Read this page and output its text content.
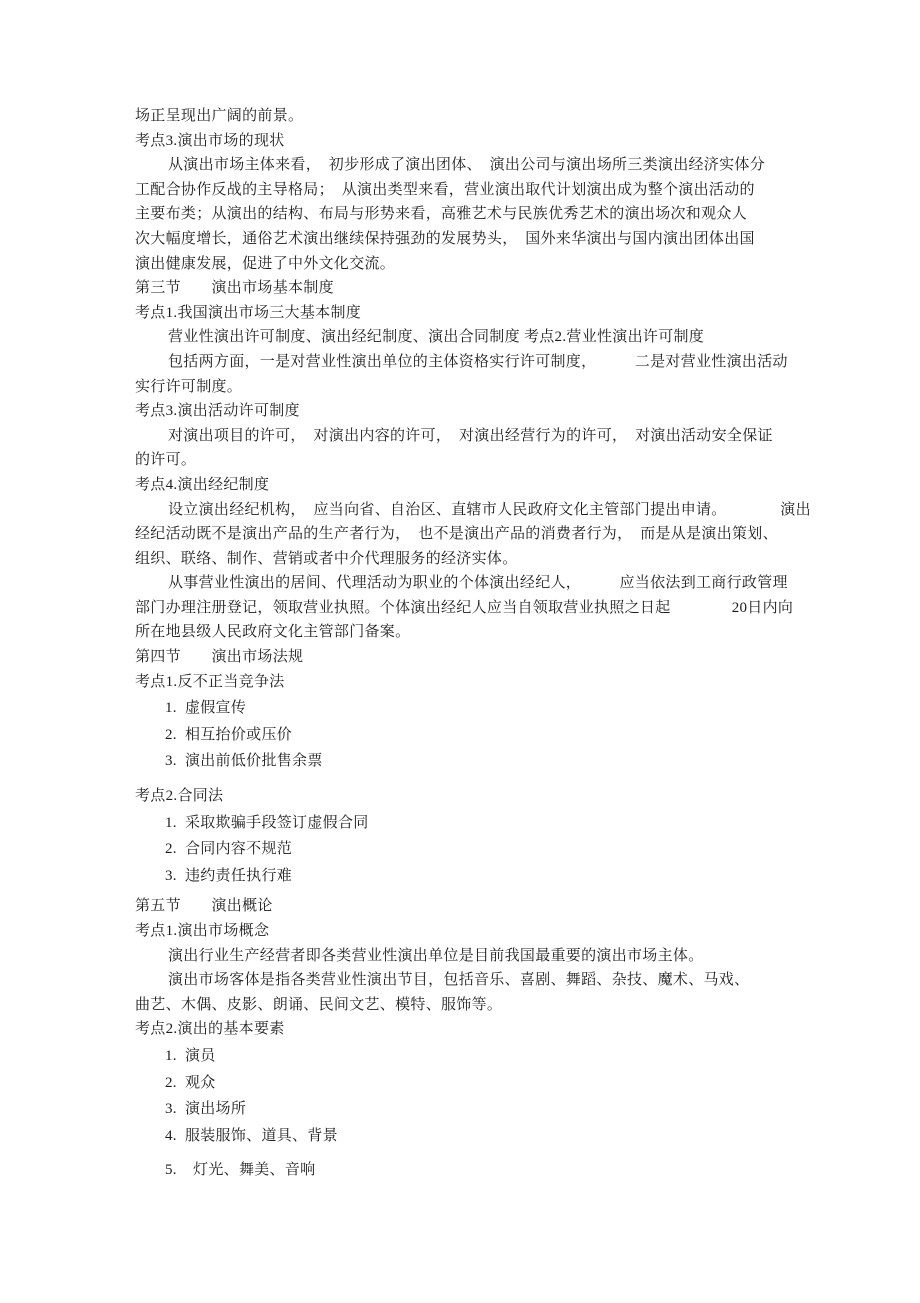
场正呈现出广阔的前景。
考点3.演出市场的现状
从演出市场主体来看，　初步形成了演出团体、　演出公司与演出场所三类演出经济实体分
工配合协作反战的主导格局；　从演出类型来看，营业演出取代计划演出成为整个演出活动的
主要布类；从演出的结构、布局与形势来看，高雅艺术与民族优秀艺术的演出场次和观众人
次大幅度增长，通俗艺术演出继续保持强劲的发展势头，　国外来华演出与国内演出团体出国
演出健康发展，促进了中外文化交流。
第三节　　演出市场基本制度
考点1.我国演出市场三大基本制度
营业性演出许可制度、演出经纪制度、演出合同制度 考点2.营业性演出许可制度
包括两方面，一是对营业性演出单位的主体资格实行许可制度，　　　二是对营业性演出活动
实行许可制度。
考点3.演出活动许可制度
对演出项目的许可，　对演出内容的许可，　对演出经营行为的许可，　对演出活动安全保证
的许可。
考点4.演出经纪制度
设立演出经纪机构，　应当向省、自治区、直辖市人民政府文化主管部门提出申请。　　　　演出
经纪活动既不是演出产品的生产者行为，　也不是演出产品的消费者行为，　而是从是演出策划、
组织、联络、制作、营销或者中介代理服务的经济实体。
从事营业性演出的居间、代理活动为职业的个体演出经纪人，　　　应当依法到工商行政管理
部门办理注册登记，领取营业执照。个体演出经纪人应当自领取营业执照之日起　　　　20日内向
所在地县级人民政府文化主管部门备案。
第四节　　演出市场法规
考点1.反不正当竞争法
1.  虚假宣传
2.  相互抬价或压价
3.  演出前低价批售余票
考点2.合同法
1.  采取欺骗手段签订虚假合同
2.  合同内容不规范
3.  违约责任执行难
第五节　　演出概论
考点1.演出市场概念
演出行业生产经营者即各类营业性演出单位是目前我国最重要的演出市场主体。
演出市场客体是指各类营业性演出节目，包括音乐、喜剧、舞蹈、杂技、魔术、马戏、
曲艺、木偶、皮影、朗诵、民间文艺、模特、服饰等。
考点2.演出的基本要素
1.  演员
2.  观众
3.  演出场所
4.  服装服饰、道具、背景
5.    灯光、舞美、音响
